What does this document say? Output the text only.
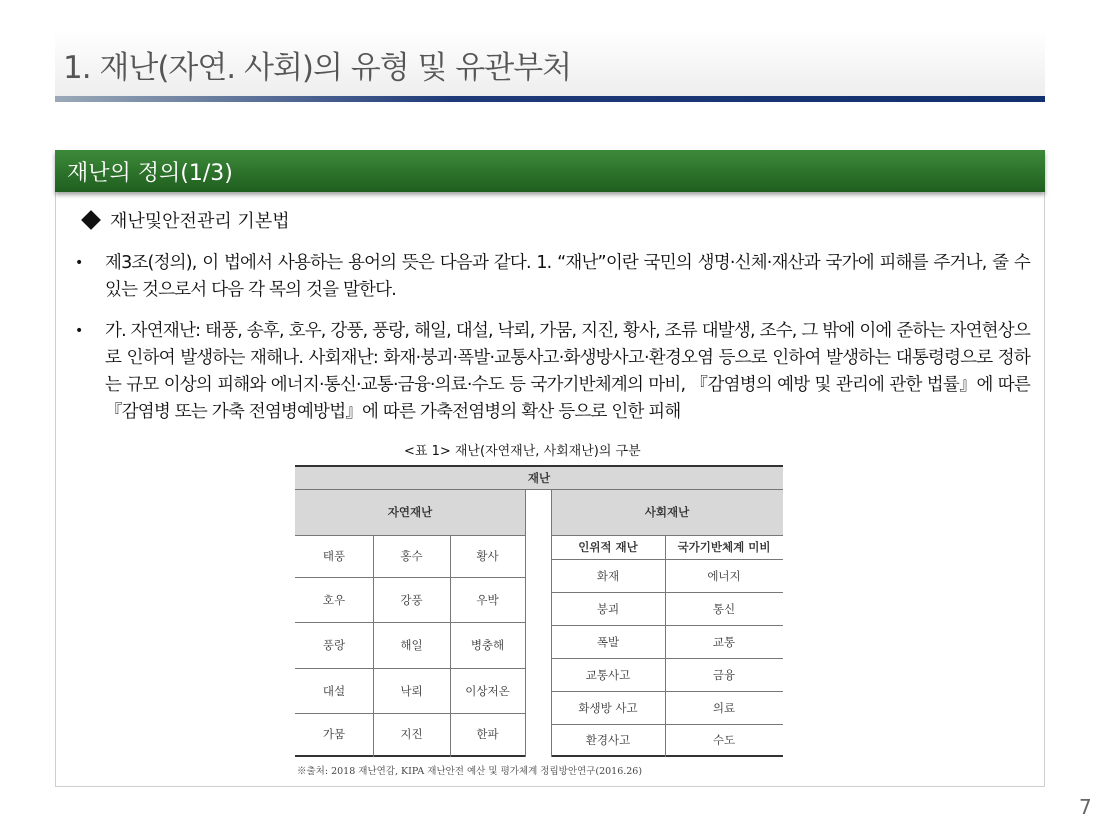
1. 재난(자연. 사회)의 유형 및 유관부처
재난의 정의(1/3)
재난및안전관리 기본법
• 제3조(정의), 이 법에서 사용하는 용어의 뜻은 다음과 같다. 1. “재난”이란 국민의 생명·신체·재산과 국가에 피해를 주거나, 줄 수 있는 것으로서 다음 각 목의 것을 말한다.
• 가. 자연재난: 태풍, 송후, 호우, 강풍, 풍랑, 해일, 대설, 낙뢰, 가뭄, 지진, 황사, 조류 대발생, 조수, 그 밖에 이에 준하는 자연현상으로 인하여 발생하는 재해나. 사회재난: 화재·붕괴·폭발·교통사고·화생방사고·환경오염 등으로 인하여 발생하는 대통령령으로 정하는 규모 이상의 피해와 에너지·통신·교통·금융·의료·수도 등 국가기반체계의 마비, 『감염병의 예방 및 관리에 관한 법률』에 따른 『감염병 또는 가축 전염병예방법』에 따른 가축전염병의 확산 등으로 인한 피해
<표 1> 재난(자연재난, 사회재난)의 구분
재난
자연재난	사회재난
인위적 재난	국가기반체계 미비
태풍	홍수	황사
호우	강풍	우박
풍랑	해일	병충해
대설	낙뢰	이상저온
가뭄	지진	한파
화재	에너지
붕괴	통신
폭발	교통
교통사고	금융
화생방 사고	의료
환경사고	수도
※출처: 2018 재난연감, KIPA 재난안전 예산 및 평가체계 정립방안연구(2016.26)
7
